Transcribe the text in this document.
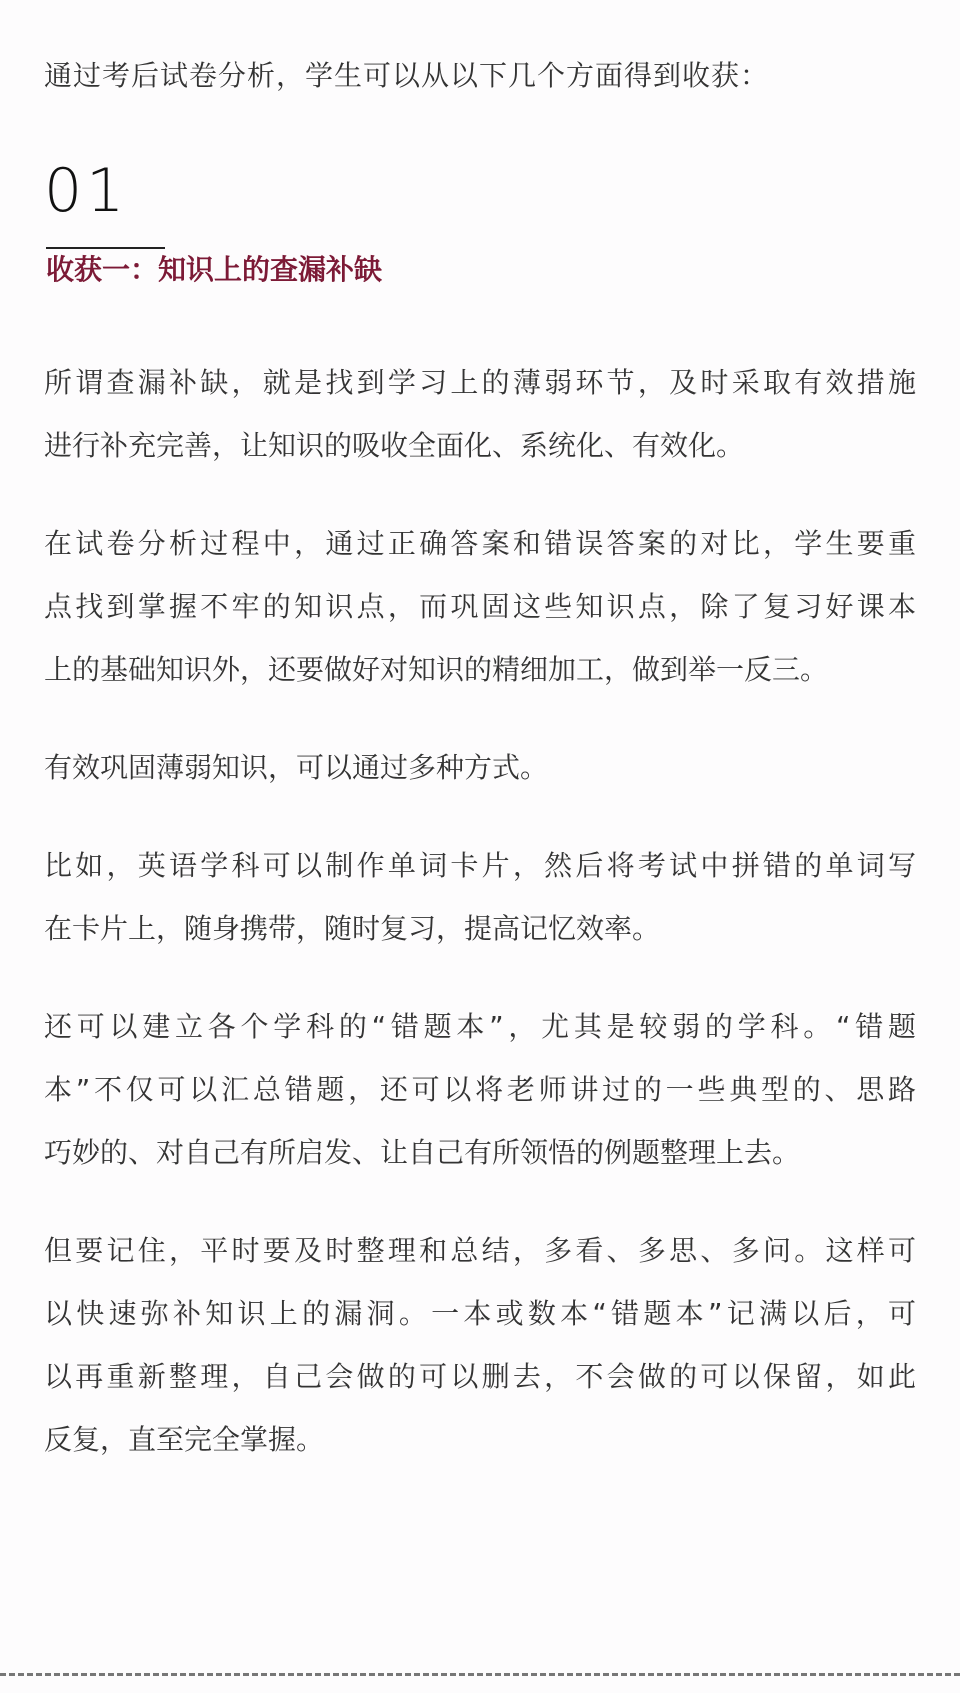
通过考后试卷分析，学生可以从以下几个方面得到收获：
01
收获一：知识上的查漏补缺
所谓查漏补缺，就是找到学习上的薄弱环节，及时采取有效措施
进行补充完善，让知识的吸收全面化、系统化、有效化。
在试卷分析过程中，通过正确答案和错误答案的对比，学生要重
点找到掌握不牢的知识点，而巩固这些知识点，除了复习好课本
上的基础知识外，还要做好对知识的精细加工，做到举一反三。
有效巩固薄弱知识，可以通过多种方式。
比如，英语学科可以制作单词卡片，然后将考试中拼错的单词写
在卡片上，随身携带，随时复习，提高记忆效率。
还可以建立各个学科的“错题本”，尤其是较弱的学科。“错题
本”不仅可以汇总错题，还可以将老师讲过的一些典型的、思路
巧妙的、对自己有所启发、让自己有所领悟的例题整理上去。
但要记住，平时要及时整理和总结，多看、多思、多问。这样可
以快速弥补知识上的漏洞。一本或数本“错题本”记满以后，可
以再重新整理，自己会做的可以删去，不会做的可以保留，如此
反复，直至完全掌握。
